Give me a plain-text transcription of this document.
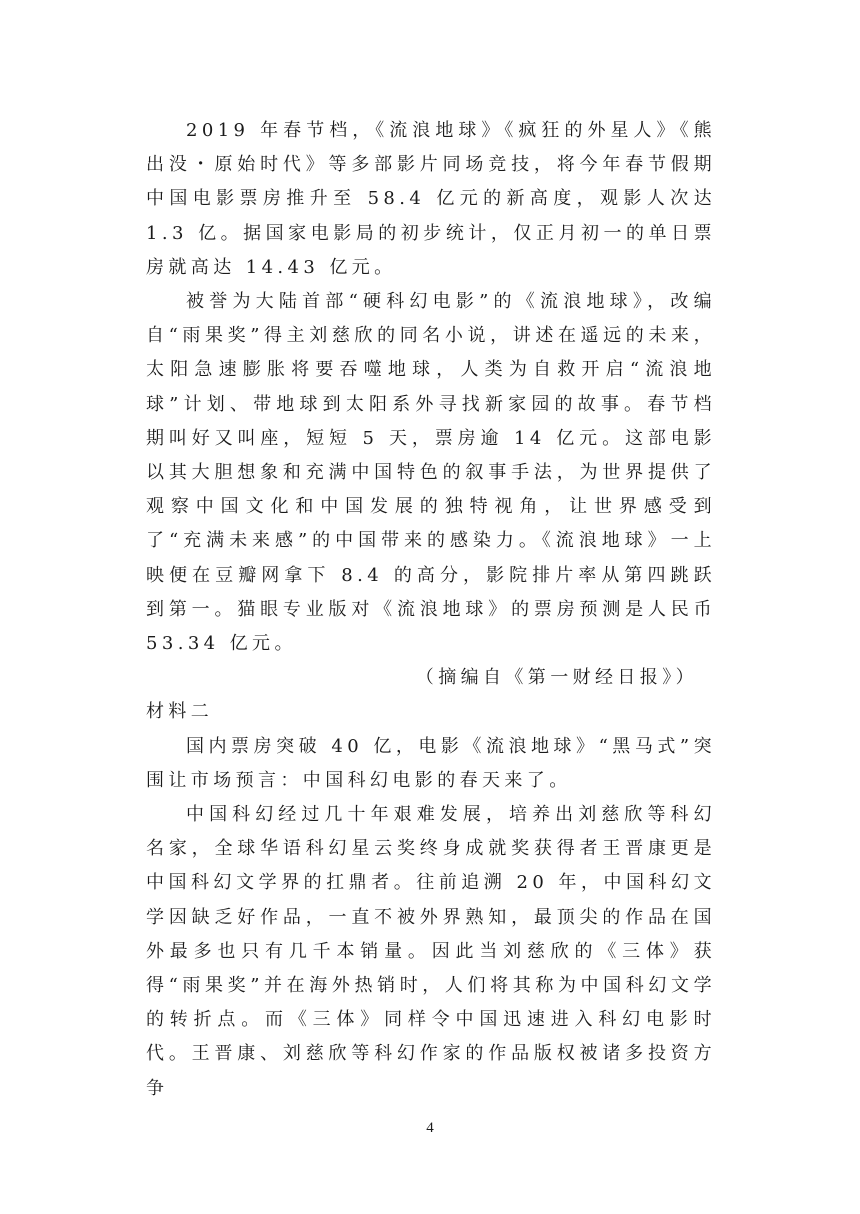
2019 年春节档，《流浪地球》《疯狂的外星人》《熊出没・原始时代》等多部影片同场竞技，将今年春节假期中国电影票房推升至 58.4 亿元的新高度，观影人次达 1.3 亿。据国家电影局的初步统计，仅正月初一的单日票房就高达 14.43 亿元。

被誉为大陆首部“硬科幻电影”的《流浪地球》，改编自“雨果奖”得主刘慈欣的同名小说，讲述在遥远的未来，太阳急速膨胀将要吞噬地球，人类为自救开启“流浪地球”计划、带地球到太阳系外寻找新家园的故事。春节档期叫好又叫座，短短 5 天，票房逾 14 亿元。这部电影以其大胆想象和充满中国特色的叙事手法，为世界提供了观察中国文化和中国发展的独特视角，让世界感受到了“充满未来感”的中国带来的感染力。《流浪地球》一上映便在豆瓣网拿下 8.4 的高分，影院排片率从第四跳跃到第一。猫眼专业版对《流浪地球》的票房预测是人民币 53.34 亿元。

（摘编自《第一财经日报》）

材料二

国内票房突破 40 亿，电影《流浪地球》“黑马式”突围让市场预言：中国科幻电影的春天来了。

中国科幻经过几十年艰难发展，培养出刘慈欣等科幻名家，全球华语科幻星云奖终身成就奖获得者王晋康更是中国科幻文学界的扛鼎者。往前追溯 20 年，中国科幻文学因缺乏好作品，一直不被外界熟知，最顶尖的作品在国外最多也只有几千本销量。因此当刘慈欣的《三体》获得“雨果奖”并在海外热销时，人们将其称为中国科幻文学的转折点。而《三体》同样令中国迅速进入科幻电影时代。王晋康、刘慈欣等科幻作家的作品版权被诸多投资方争

4
